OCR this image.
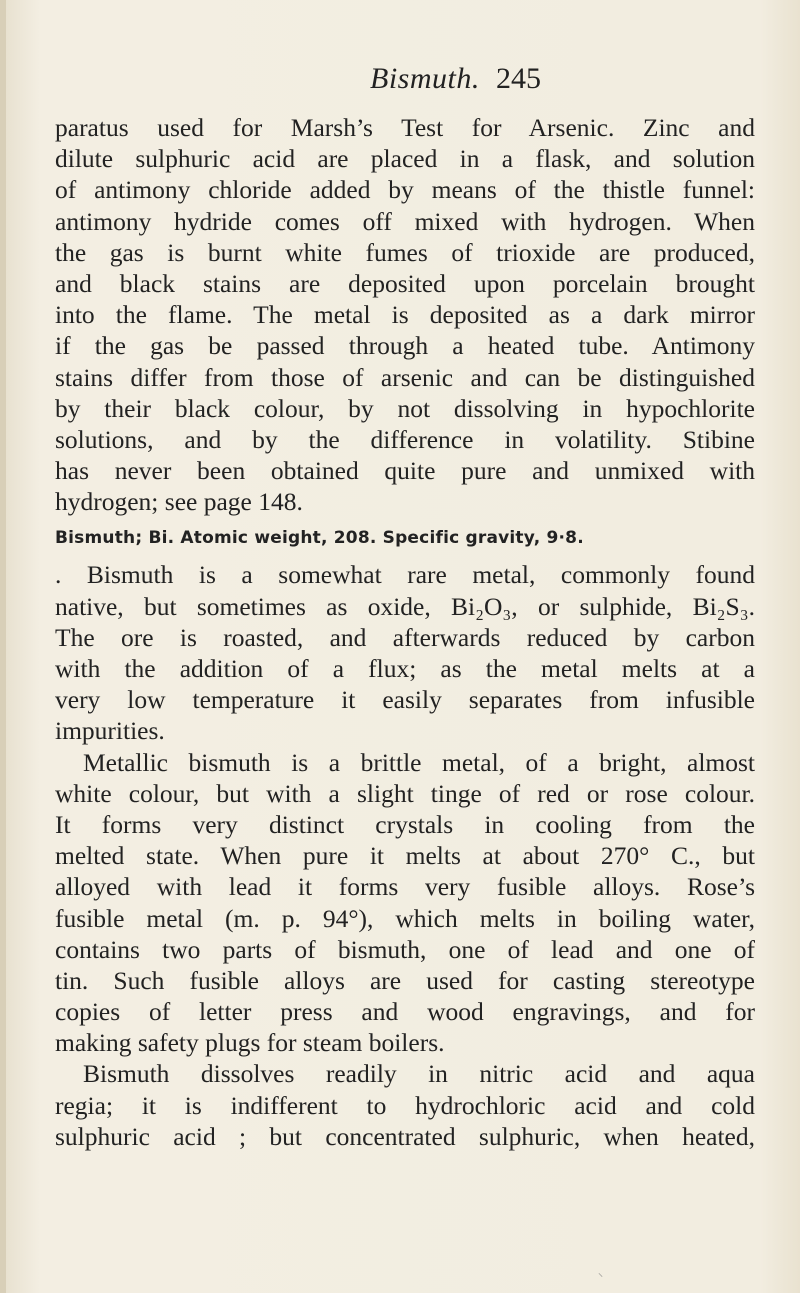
Bismuth. 245
paratus used for Marsh’s Test for Arsenic. Zinc and
dilute sulphuric acid are placed in a flask, and solution
of antimony chloride added by means of the thistle funnel:
antimony hydride comes off mixed with hydrogen. When
the gas is burnt white fumes of trioxide are produced,
and black stains are deposited upon porcelain brought
into the flame. The metal is deposited as a dark mirror
if the gas be passed through a heated tube. Antimony
stains differ from those of arsenic and can be distinguished
by their black colour, by not dissolving in hypochlorite
solutions, and by the difference in volatility. Stibine
has never been obtained quite pure and unmixed with
hydrogen; see page 148.
Bismuth; Bi. Atomic weight, 208. Specific gravity, 9·8.
. Bismuth is a somewhat rare metal, commonly found
native, but sometimes as oxide, Bi₂O₃, or sulphide, Bi₂S₃.
The ore is roasted, and afterwards reduced by carbon
with the addition of a flux; as the metal melts at a
very low temperature it easily separates from infusible
impurities.
Metallic bismuth is a brittle metal, of a bright, almost
white colour, but with a slight tinge of red or rose colour.
It forms very distinct crystals in cooling from the
melted state. When pure it melts at about 270° C., but
alloyed with lead it forms very fusible alloys. Rose’s
fusible metal (m. p. 94°), which melts in boiling water,
contains two parts of bismuth, one of lead and one of
tin. Such fusible alloys are used for casting stereotype
copies of letter press and wood engravings, and for
making safety plugs for steam boilers.
Bismuth dissolves readily in nitric acid and aqua
regia; it is indifferent to hydrochloric acid and cold
sulphuric acid ; but concentrated sulphuric, when heated,
⸜
